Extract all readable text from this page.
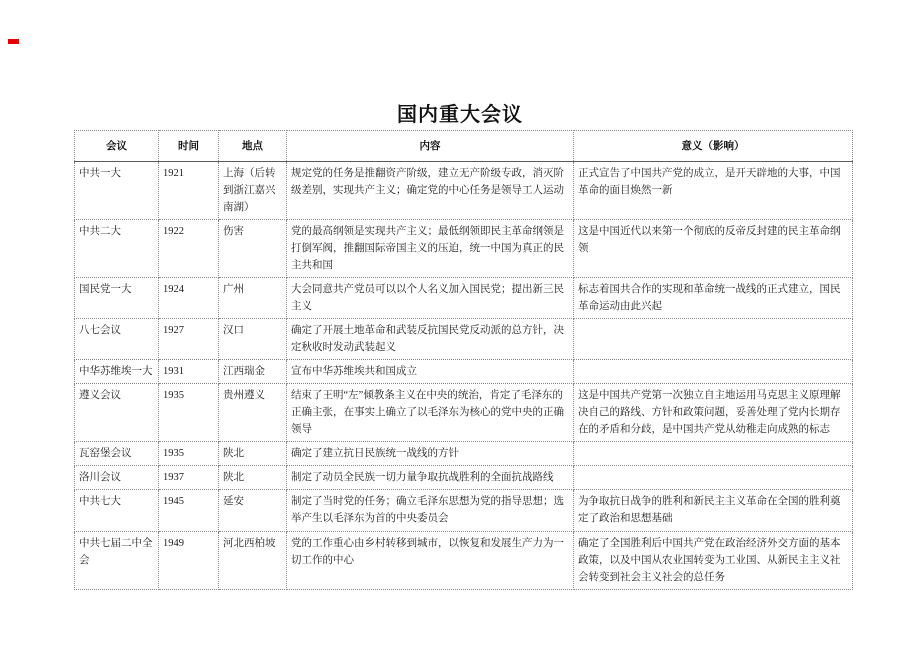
国内重大会议
会议	时间	地点	内容	意义（影响）
中共一大	1921	上海（后转到浙江嘉兴南湖）	规定党的任务是推翻资产阶级，建立无产阶级专政，消灭阶级差别，实现共产主义；确定党的中心任务是领导工人运动	正式宣告了中国共产党的成立，是开天辟地的大事，中国革命的面目焕然一新
中共二大	1922	伤害	党的最高纲领是实现共产主义；最低纲领即民主革命纲领是打倒军阀，推翻国际帝国主义的压迫，统一中国为真正的民主共和国	这是中国近代以来第一个彻底的反帝反封建的民主革命纲领
国民党一大	1924	广州	大会同意共产党员可以以个人名义加入国民党；提出新三民主义	标志着国共合作的实现和革命统一战线的正式建立，国民革命运动由此兴起
八七会议	1927	汉口	确定了开展土地革命和武装反抗国民党反动派的总方针，决定秋收时发动武装起义	
中华苏维埃一大	1931	江西瑞金	宣布中华苏维埃共和国成立	
遵义会议	1935	贵州遵义	结束了王明“左”倾教条主义在中央的统治，肯定了毛泽东的正确主张，在事实上确立了以毛泽东为核心的党中央的正确领导	这是中国共产党第一次独立自主地运用马克思主义原理解决自己的路线、方针和政策问题，妥善处理了党内长期存在的矛盾和分歧，是中国共产党从幼稚走向成熟的标志
瓦窑堡会议	1935	陕北	确定了建立抗日民族统一战线的方针	
洛川会议	1937	陕北	制定了动员全民族一切力量争取抗战胜利的全面抗战路线	
中共七大	1945	延安	制定了当时党的任务；确立毛泽东思想为党的指导思想；选举产生以毛泽东为首的中央委员会	为争取抗日战争的胜利和新民主主义革命在全国的胜利奠定了政治和思想基础
中共七届二中全会	1949	河北西柏坡	党的工作重心由乡村转移到城市，以恢复和发展生产力为一切工作的中心	确定了全国胜利后中国共产党在政治经济外交方面的基本政策，以及中国从农业国转变为工业国、从新民主主义社会转变到社会主义社会的总任务
